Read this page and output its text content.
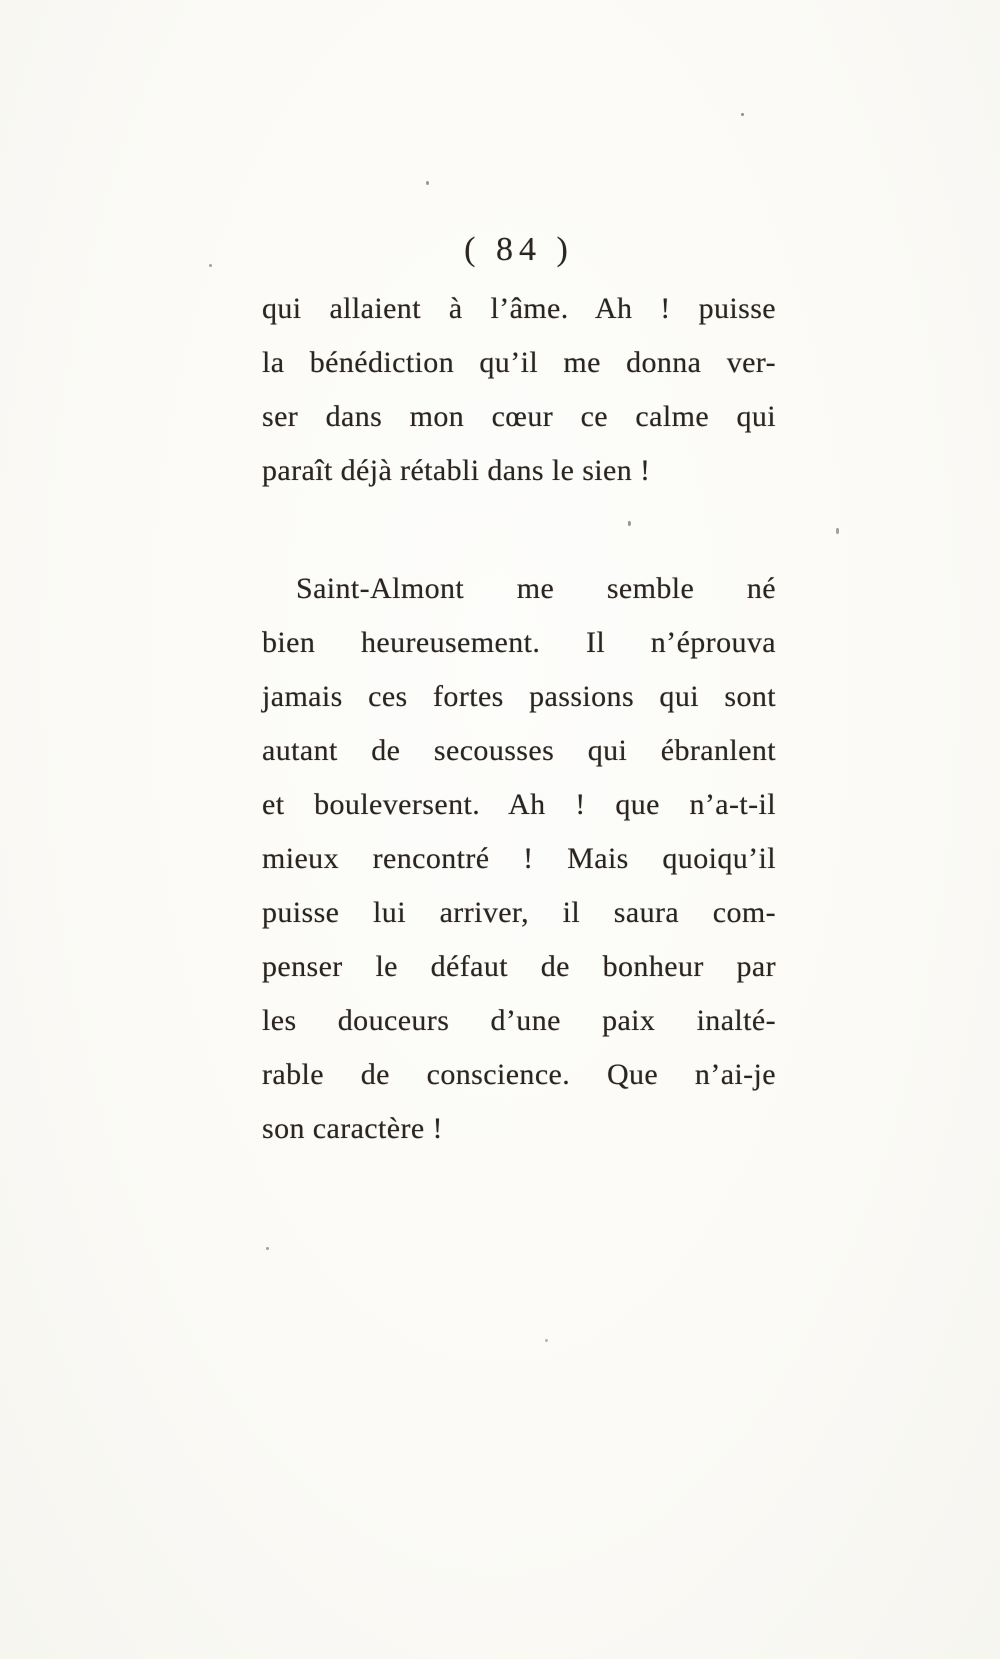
( 84 )
qui allaient à l’âme. Ah ! puisse
la bénédiction qu’il me donna ver-
ser dans mon cœur ce calme qui
paraît déjà rétabli dans le sien !
Saint-Almont me semble né
bien heureusement. Il n’éprouva
jamais ces fortes passions qui sont
autant de secousses qui ébranlent
et bouleversent. Ah ! que n’a-t-il
mieux rencontré ! Mais quoiqu’il
puisse lui arriver, il saura com-
penser le défaut de bonheur par
les douceurs d’une paix inalté-
rable de conscience. Que n’ai-je
son caractère !
